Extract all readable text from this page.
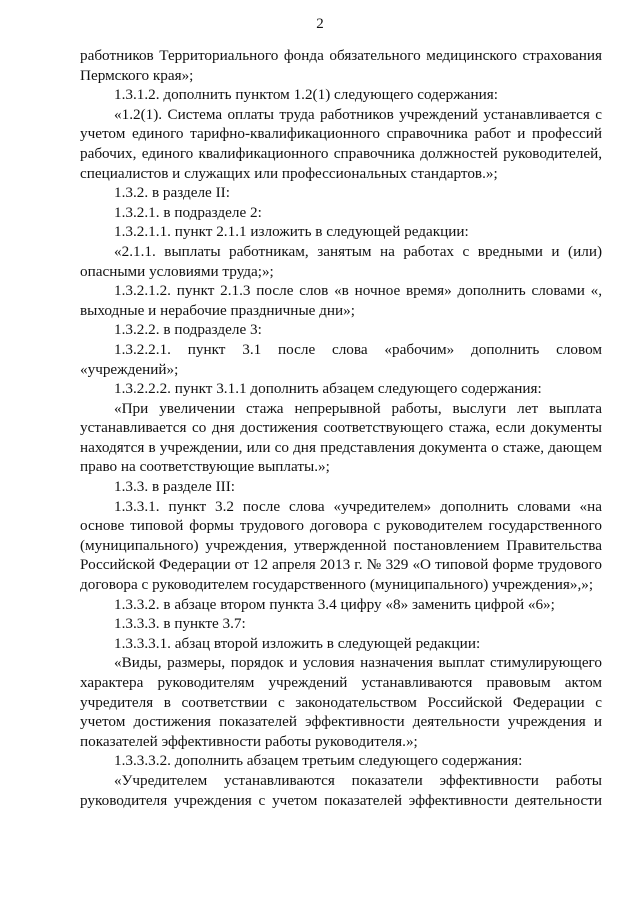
2

работников Территориального фонда обязательного медицинского страхования Пермского края»;

1.3.1.2. дополнить пунктом 1.2(1) следующего содержания:

«1.2(1). Система оплаты труда работников учреждений устанавливается с учетом единого тарифно-квалификационного справочника работ и профессий рабочих, единого квалификационного справочника должностей руководителей, специалистов и служащих или профессиональных стандартов.»;

1.3.2. в разделе II:

1.3.2.1. в подразделе 2:

1.3.2.1.1. пункт 2.1.1 изложить в следующей редакции:

«2.1.1. выплаты работникам, занятым на работах с вредными и (или) опасными условиями труда;»;

1.3.2.1.2. пункт 2.1.3 после слов «в ночное время» дополнить словами «, выходные и нерабочие праздничные дни»;

1.3.2.2. в подразделе 3:

1.3.2.2.1. пункт 3.1 после слова «рабочим» дополнить словом «учреждений»;

1.3.2.2.2. пункт 3.1.1 дополнить абзацем следующего содержания:

«При увеличении стажа непрерывной работы, выслуги лет выплата устанавливается со дня достижения соответствующего стажа, если документы находятся в учреждении, или со дня представления документа о стаже, дающем право на соответствующие выплаты.»;

1.3.3. в разделе III:

1.3.3.1. пункт 3.2 после слова «учредителем» дополнить словами «на основе типовой формы трудового договора с руководителем государственного (муниципального) учреждения, утвержденной постановлением Правительства Российской Федерации от 12 апреля 2013 г. № 329 «О типовой форме трудового договора с руководителем государственного (муниципального) учреждения»,»;

1.3.3.2. в абзаце втором пункта 3.4 цифру «8» заменить цифрой «6»;

1.3.3.3. в пункте 3.7:

1.3.3.3.1. абзац второй изложить в следующей редакции:

«Виды, размеры, порядок и условия назначения выплат стимулирующего характера руководителям учреждений устанавливаются правовым актом учредителя в соответствии с законодательством Российской Федерации с учетом достижения показателей эффективности деятельности учреждения и показателей эффективности работы руководителя.»;

1.3.3.3.2. дополнить абзацем третьим следующего содержания:

«Учредителем устанавливаются показатели эффективности работы руководителя учреждения с учетом показателей эффективности деятельности
